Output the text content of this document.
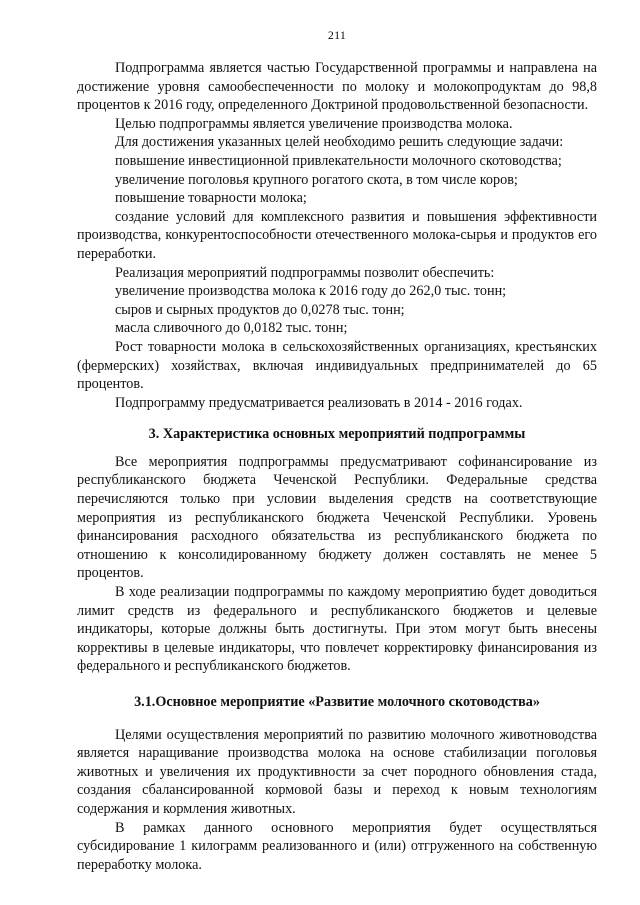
211

Подпрограмма является частью Государственной программы и направлена на достижение уровня самообеспеченности по молоку и молокопродуктам до 98,8 процентов к 2016 году, определенного Доктриной продовольственной безопасности.

Целью подпрограммы является увеличение производства молока.

Для достижения указанных целей необходимо решить следующие задачи:

повышение инвестиционной привлекательности молочного скотоводства;

увеличение поголовья крупного рогатого скота, в том числе коров;

повышение товарности молока;

создание условий для комплексного развития и повышения эффективности производства, конкурентоспособности отечественного молока-сырья и продуктов его переработки.

Реализация мероприятий подпрограммы позволит обеспечить:

увеличение производства молока к 2016 году до 262,0 тыс. тонн;

сыров и сырных продуктов до 0,0278 тыс. тонн;

масла сливочного до 0,0182 тыс. тонн;

Рост товарности молока в сельскохозяйственных организациях, крестьянских (фермерских) хозяйствах, включая индивидуальных предпринимателей до 65 процентов.

Подпрограмму предусматривается реализовать в 2014 - 2016 годах.

3. Характеристика основных мероприятий подпрограммы

Все мероприятия подпрограммы предусматривают софинансирование из республиканского бюджета Чеченской Республики. Федеральные средства перечисляются только при условии выделения средств на соответствующие мероприятия из республиканского бюджета Чеченской Республики. Уровень финансирования расходного обязательства из республиканского бюджета по отношению к консолидированному бюджету должен составлять не менее 5 процентов.

В ходе реализации подпрограммы по каждому мероприятию будет доводиться лимит средств из федерального и республиканского бюджетов и целевые индикаторы, которые должны быть достигнуты. При этом могут быть внесены коррективы в целевые индикаторы, что повлечет корректировку финансирования из федерального и республиканского бюджетов.

3.1.Основное мероприятие «Развитие молочного скотоводства»

Целями осуществления мероприятий по развитию молочного животноводства является наращивание производства молока на основе стабилизации поголовья животных и увеличения их продуктивности за счет породного обновления стада, создания сбалансированной кормовой базы и переход к новым технологиям содержания и кормления животных.

В рамках данного основного мероприятия будет осуществляться субсидирование 1 килограмм реализованного и (или) отгруженного на собственную переработку молока.
